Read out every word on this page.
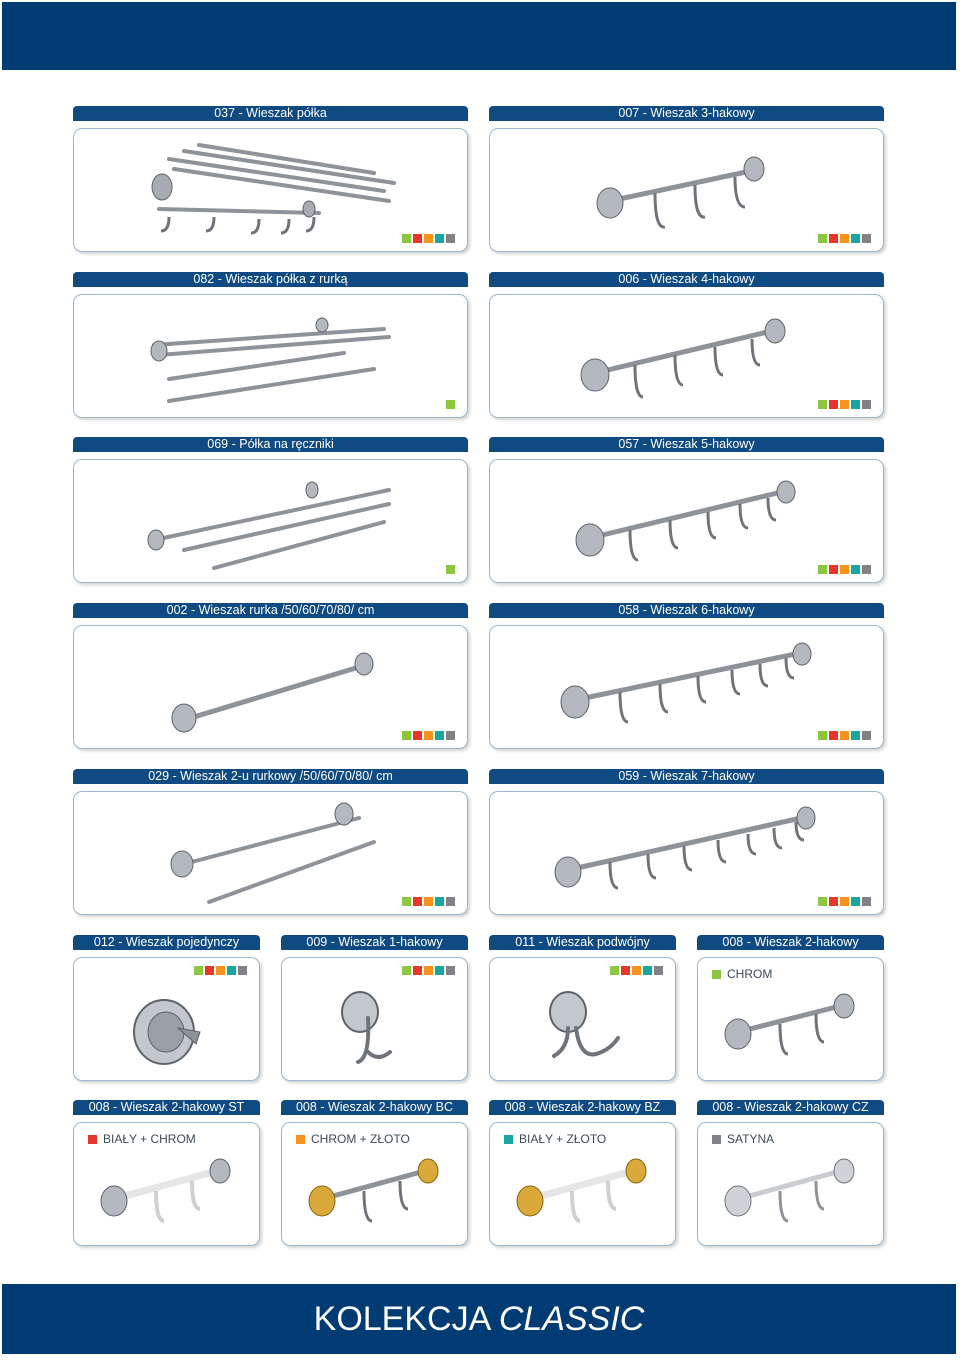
037 - Wieszak półka	007 - Wieszak 3-hakowy
082 - Wieszak półka z rurką	006 - Wieszak 4-hakowy
069 - Półka na ręczniki	057 - Wieszak 5-hakowy
002 - Wieszak rurka /50/60/70/80/ cm	058 - Wieszak 6-hakowy
029 - Wieszak 2-u rurkowy /50/60/70/80/ cm	059 - Wieszak 7-hakowy
012 - Wieszak pojedynczy	009 - Wieszak 1-hakowy	011 - Wieszak podwójny	008 - Wieszak 2-hakowy
CHROM
008 - Wieszak 2-hakowy ST
BIAŁY + CHROM
008 - Wieszak 2-hakowy BC
CHROM + ZŁOTO
008 - Wieszak 2-hakowy BZ
BIAŁY + ZŁOTO
008 - Wieszak 2-hakowy CZ
SATYNA
KOLEKCJA CLASSIC
